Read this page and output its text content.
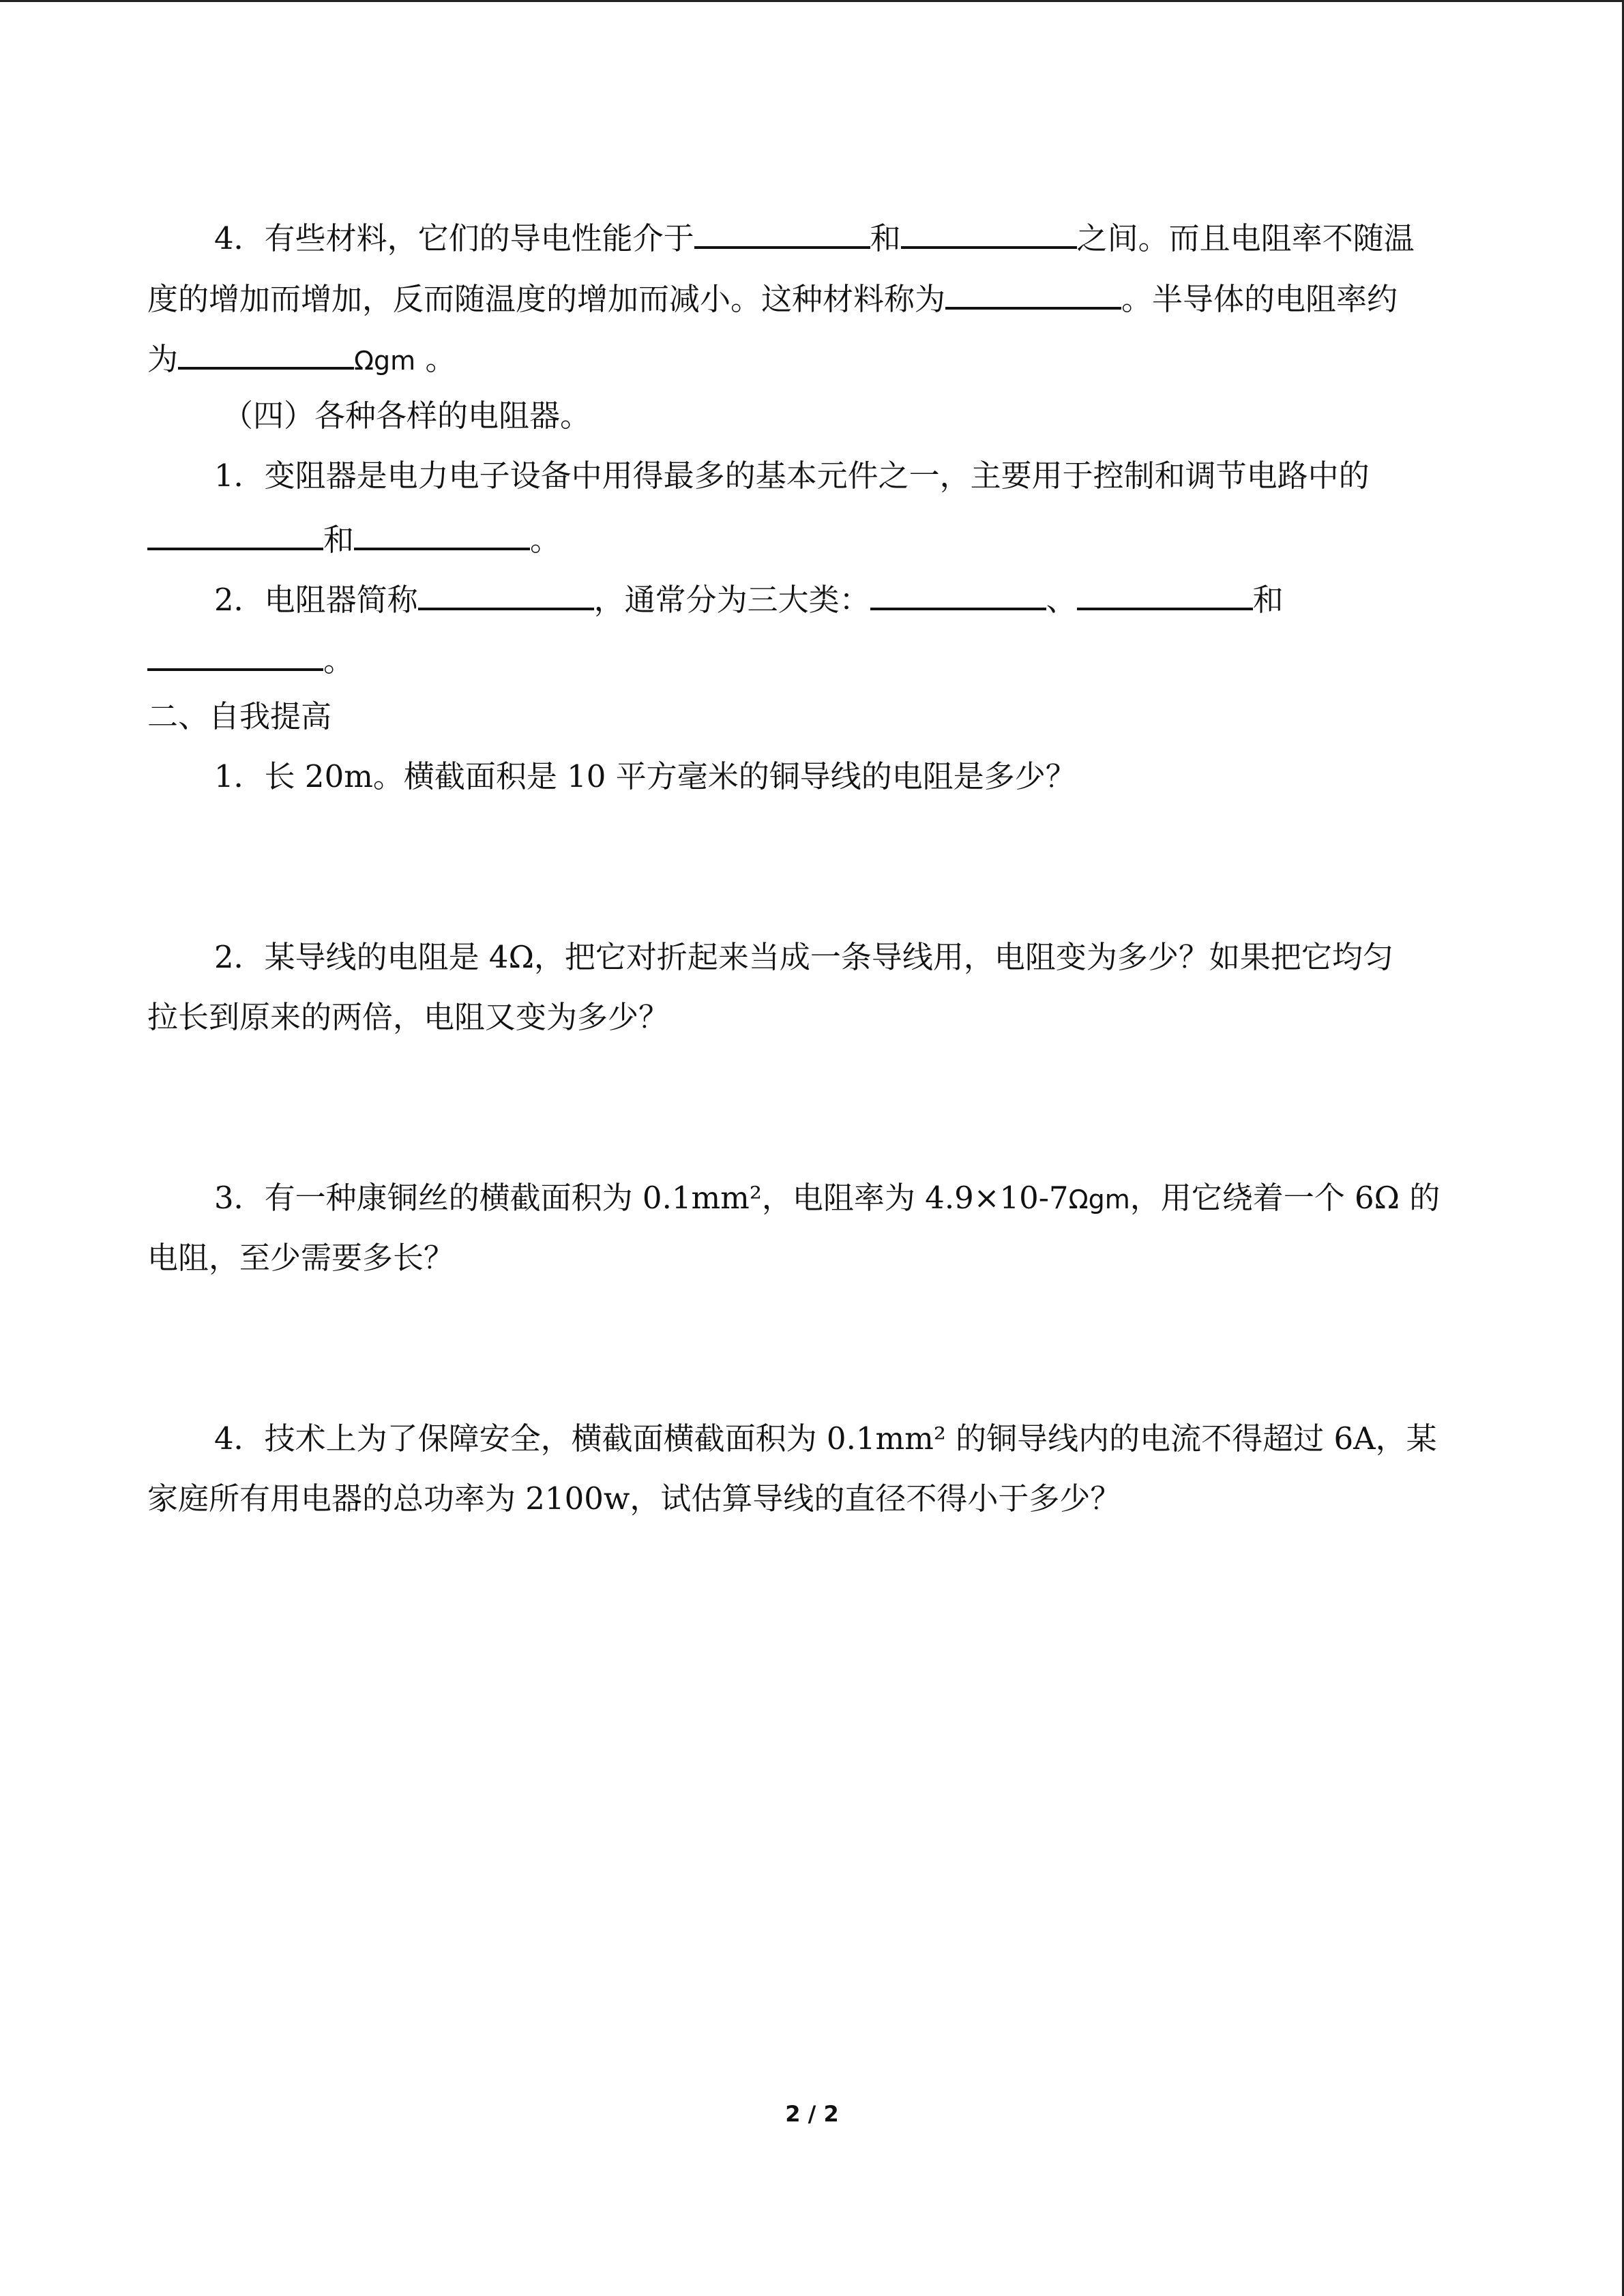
4．有些材料，它们的导电性能介于	和	之间。而且电阻率不随温
度的增加而增加，反而随温度的增加而减小。这种材料称为	。半导体的电阻率约
为	Ωgm 。
（四）各种各样的电阻器。
1．变阻器是电力电子设备中用得最多的基本元件之一，主要用于控制和调节电路中的
和	。
2．电阻器简称	，通常分为三大类：	、	和
。
二、自我提高
1．长 20m。横截面积是 10 平方毫米的铜导线的电阻是多少？
2．某导线的电阻是 4Ω，把它对折起来当成一条导线用，电阻变为多少？如果把它均匀
拉长到原来的两倍，电阻又变为多少？
3．有一种康铜丝的横截面积为 0.1mm²，电阻率为 4.9×10-7Ωgm，用它绕着一个 6Ω 的
电阻，至少需要多长？
4．技术上为了保障安全，横截面横截面积为 0.1mm² 的铜导线内的电流不得超过 6A，某
家庭所有用电器的总功率为 2100w，试估算导线的直径不得小于多少？
2 / 2
